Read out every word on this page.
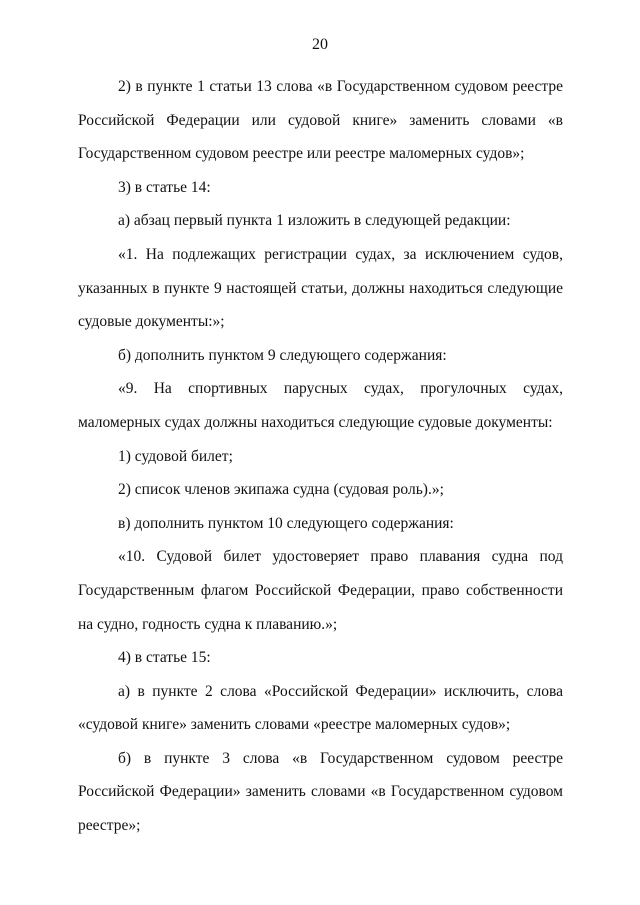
20

2) в пункте 1 статьи 13 слова «в Государственном судовом реестре Российской Федерации или судовой книге» заменить словами «в Государственном судовом реестре или реестре маломерных судов»;

3) в статье 14:

а) абзац первый пункта 1 изложить в следующей редакции:

«1. На подлежащих регистрации судах, за исключением судов, указанных в пункте 9 настоящей статьи, должны находиться следующие судовые документы:»;

б) дополнить пунктом 9 следующего содержания:

«9. На спортивных парусных судах, прогулочных судах, маломерных судах должны находиться следующие судовые документы:

1) судовой билет;

2) список членов экипажа судна (судовая роль).»;

в) дополнить пунктом 10 следующего содержания:

«10. Судовой билет удостоверяет право плавания судна под Государственным флагом Российской Федерации, право собственности на судно, годность судна к плаванию.»;

4) в статье 15:

а) в пункте 2 слова «Российской Федерации» исключить, слова «судовой книге» заменить словами «реестре маломерных судов»;

б) в пункте 3 слова «в Государственном судовом реестре Российской Федерации» заменить словами «в Государственном судовом реестре»;
